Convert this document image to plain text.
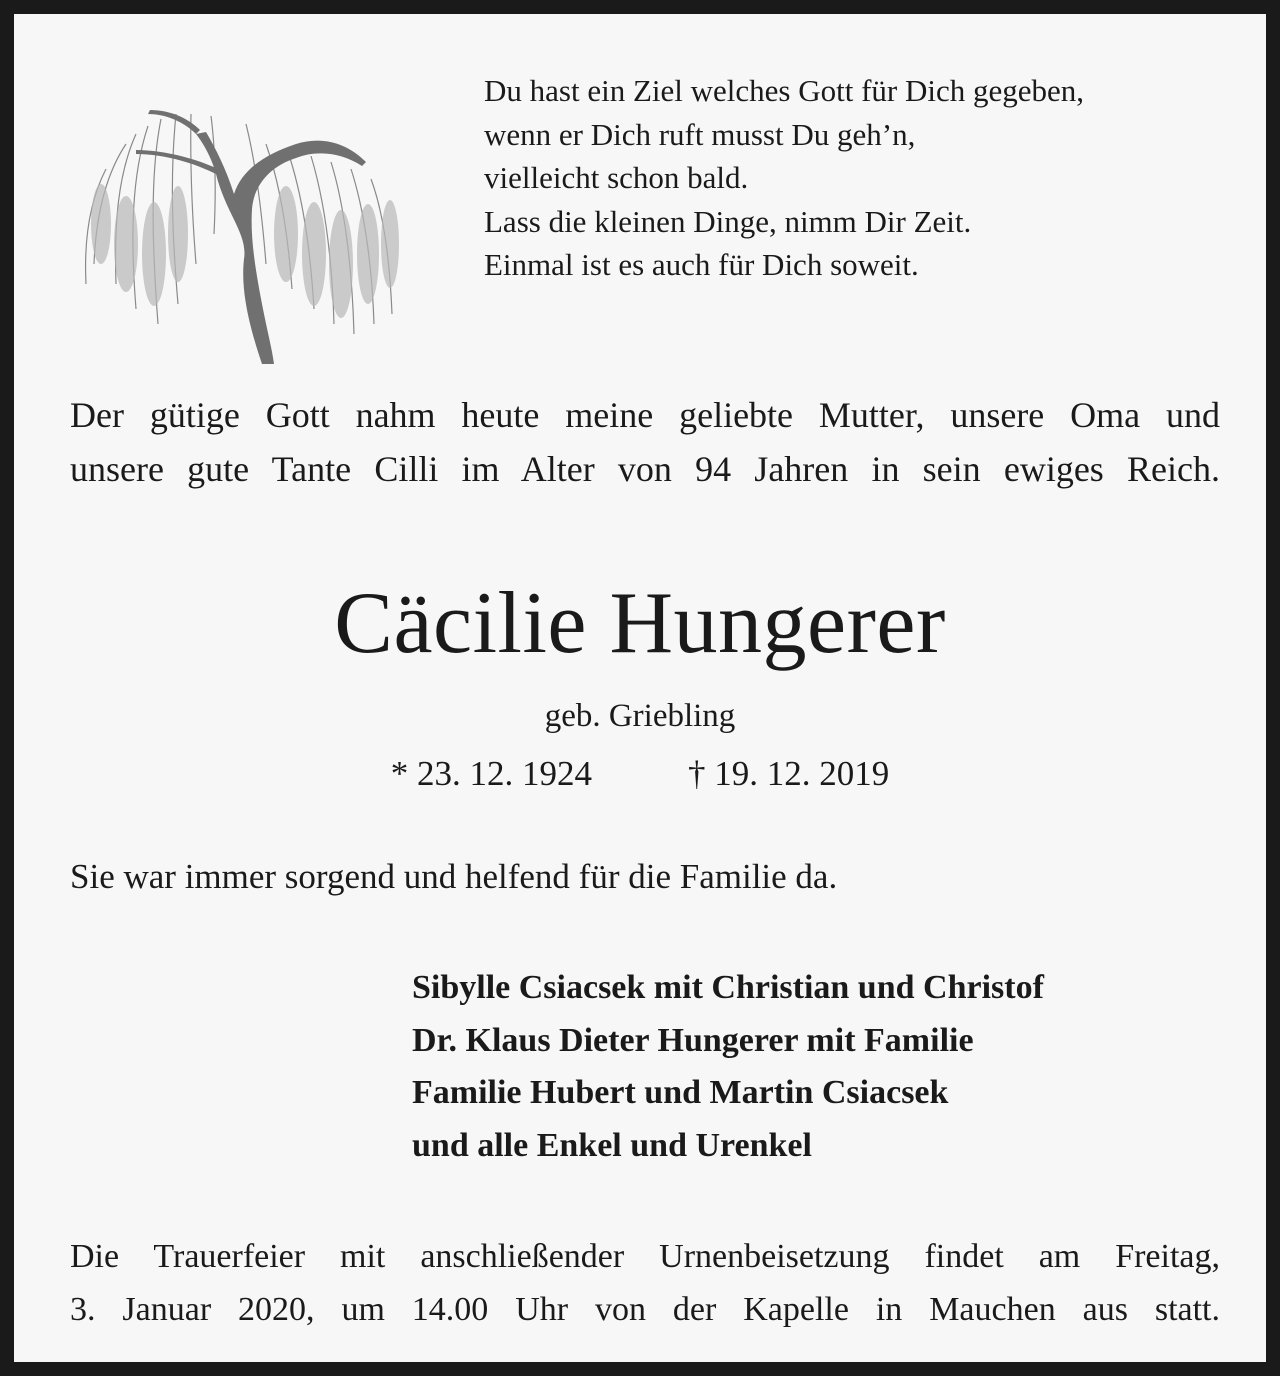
Du hast ein Ziel welches Gott für Dich gegeben,
wenn er Dich ruft musst Du geh’n,
vielleicht schon bald.
Lass die kleinen Dinge, nimm Dir Zeit.
Einmal ist es auch für Dich soweit.
Der gütige Gott nahm heute meine geliebte Mutter, unsere Oma und
unsere gute Tante Cilli im Alter von 94 Jahren in sein ewiges Reich.
Cäcilie Hungerer
geb. Griebling
* 23. 12. 1924	† 19. 12. 2019
Sie war immer sorgend und helfend für die Familie da.
Sibylle Csiacsek mit Christian und Christof
Dr. Klaus Dieter Hungerer mit Familie
Familie Hubert und Martin Csiacsek
und alle Enkel und Urenkel
Die Trauerfeier mit anschließender Urnenbeisetzung findet am Freitag,
3. Januar 2020, um 14.00 Uhr von der Kapelle in Mauchen aus statt.
